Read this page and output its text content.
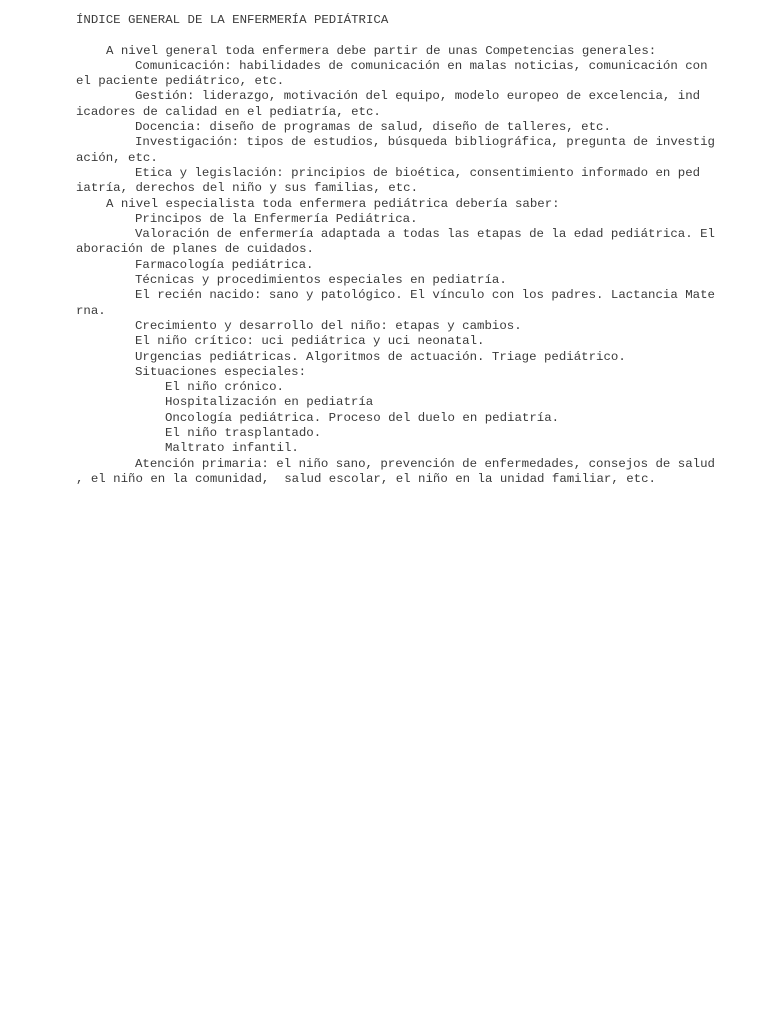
ÍNDICE GENERAL DE LA ENFERMERÍA PEDIÁTRICA
A nivel general toda enfermera debe partir de unas Competencias generales:
Comunicación: habilidades de comunicación en malas noticias, comunicación con
el paciente pediátrico, etc.
Gestión: liderazgo, motivación del equipo, modelo europeo de excelencia, ind
icadores de calidad en el pediatría, etc.
Docencia: diseño de programas de salud, diseño de talleres, etc.
Investigación: tipos de estudios, búsqueda bibliográfica, pregunta de investig
ación, etc.
Etica y legislación: principios de bioética, consentimiento informado en ped
iatría, derechos del niño y sus familias, etc.
A nivel especialista toda enfermera pediátrica debería saber:
Principos de la Enfermería Pediátrica.
Valoración de enfermería adaptada a todas las etapas de la edad pediátrica. El
aboración de planes de cuidados.
Farmacología pediátrica.
Técnicas y procedimientos especiales en pediatría.
El recién nacido: sano y patológico. El vínculo con los padres. Lactancia Mate
rna.
Crecimiento y desarrollo del niño: etapas y cambios.
El niño crítico: uci pediátrica y uci neonatal.
Urgencias pediátricas. Algoritmos de actuación. Triage pediátrico.
Situaciones especiales:
El niño crónico.
Hospitalización en pediatría
Oncología pediátrica. Proceso del duelo en pediatría.
El niño trasplantado.
Maltrato infantil.
Atención primaria: el niño sano, prevención de enfermedades, consejos de salud
, el niño en la comunidad,  salud escolar, el niño en la unidad familiar, etc.
